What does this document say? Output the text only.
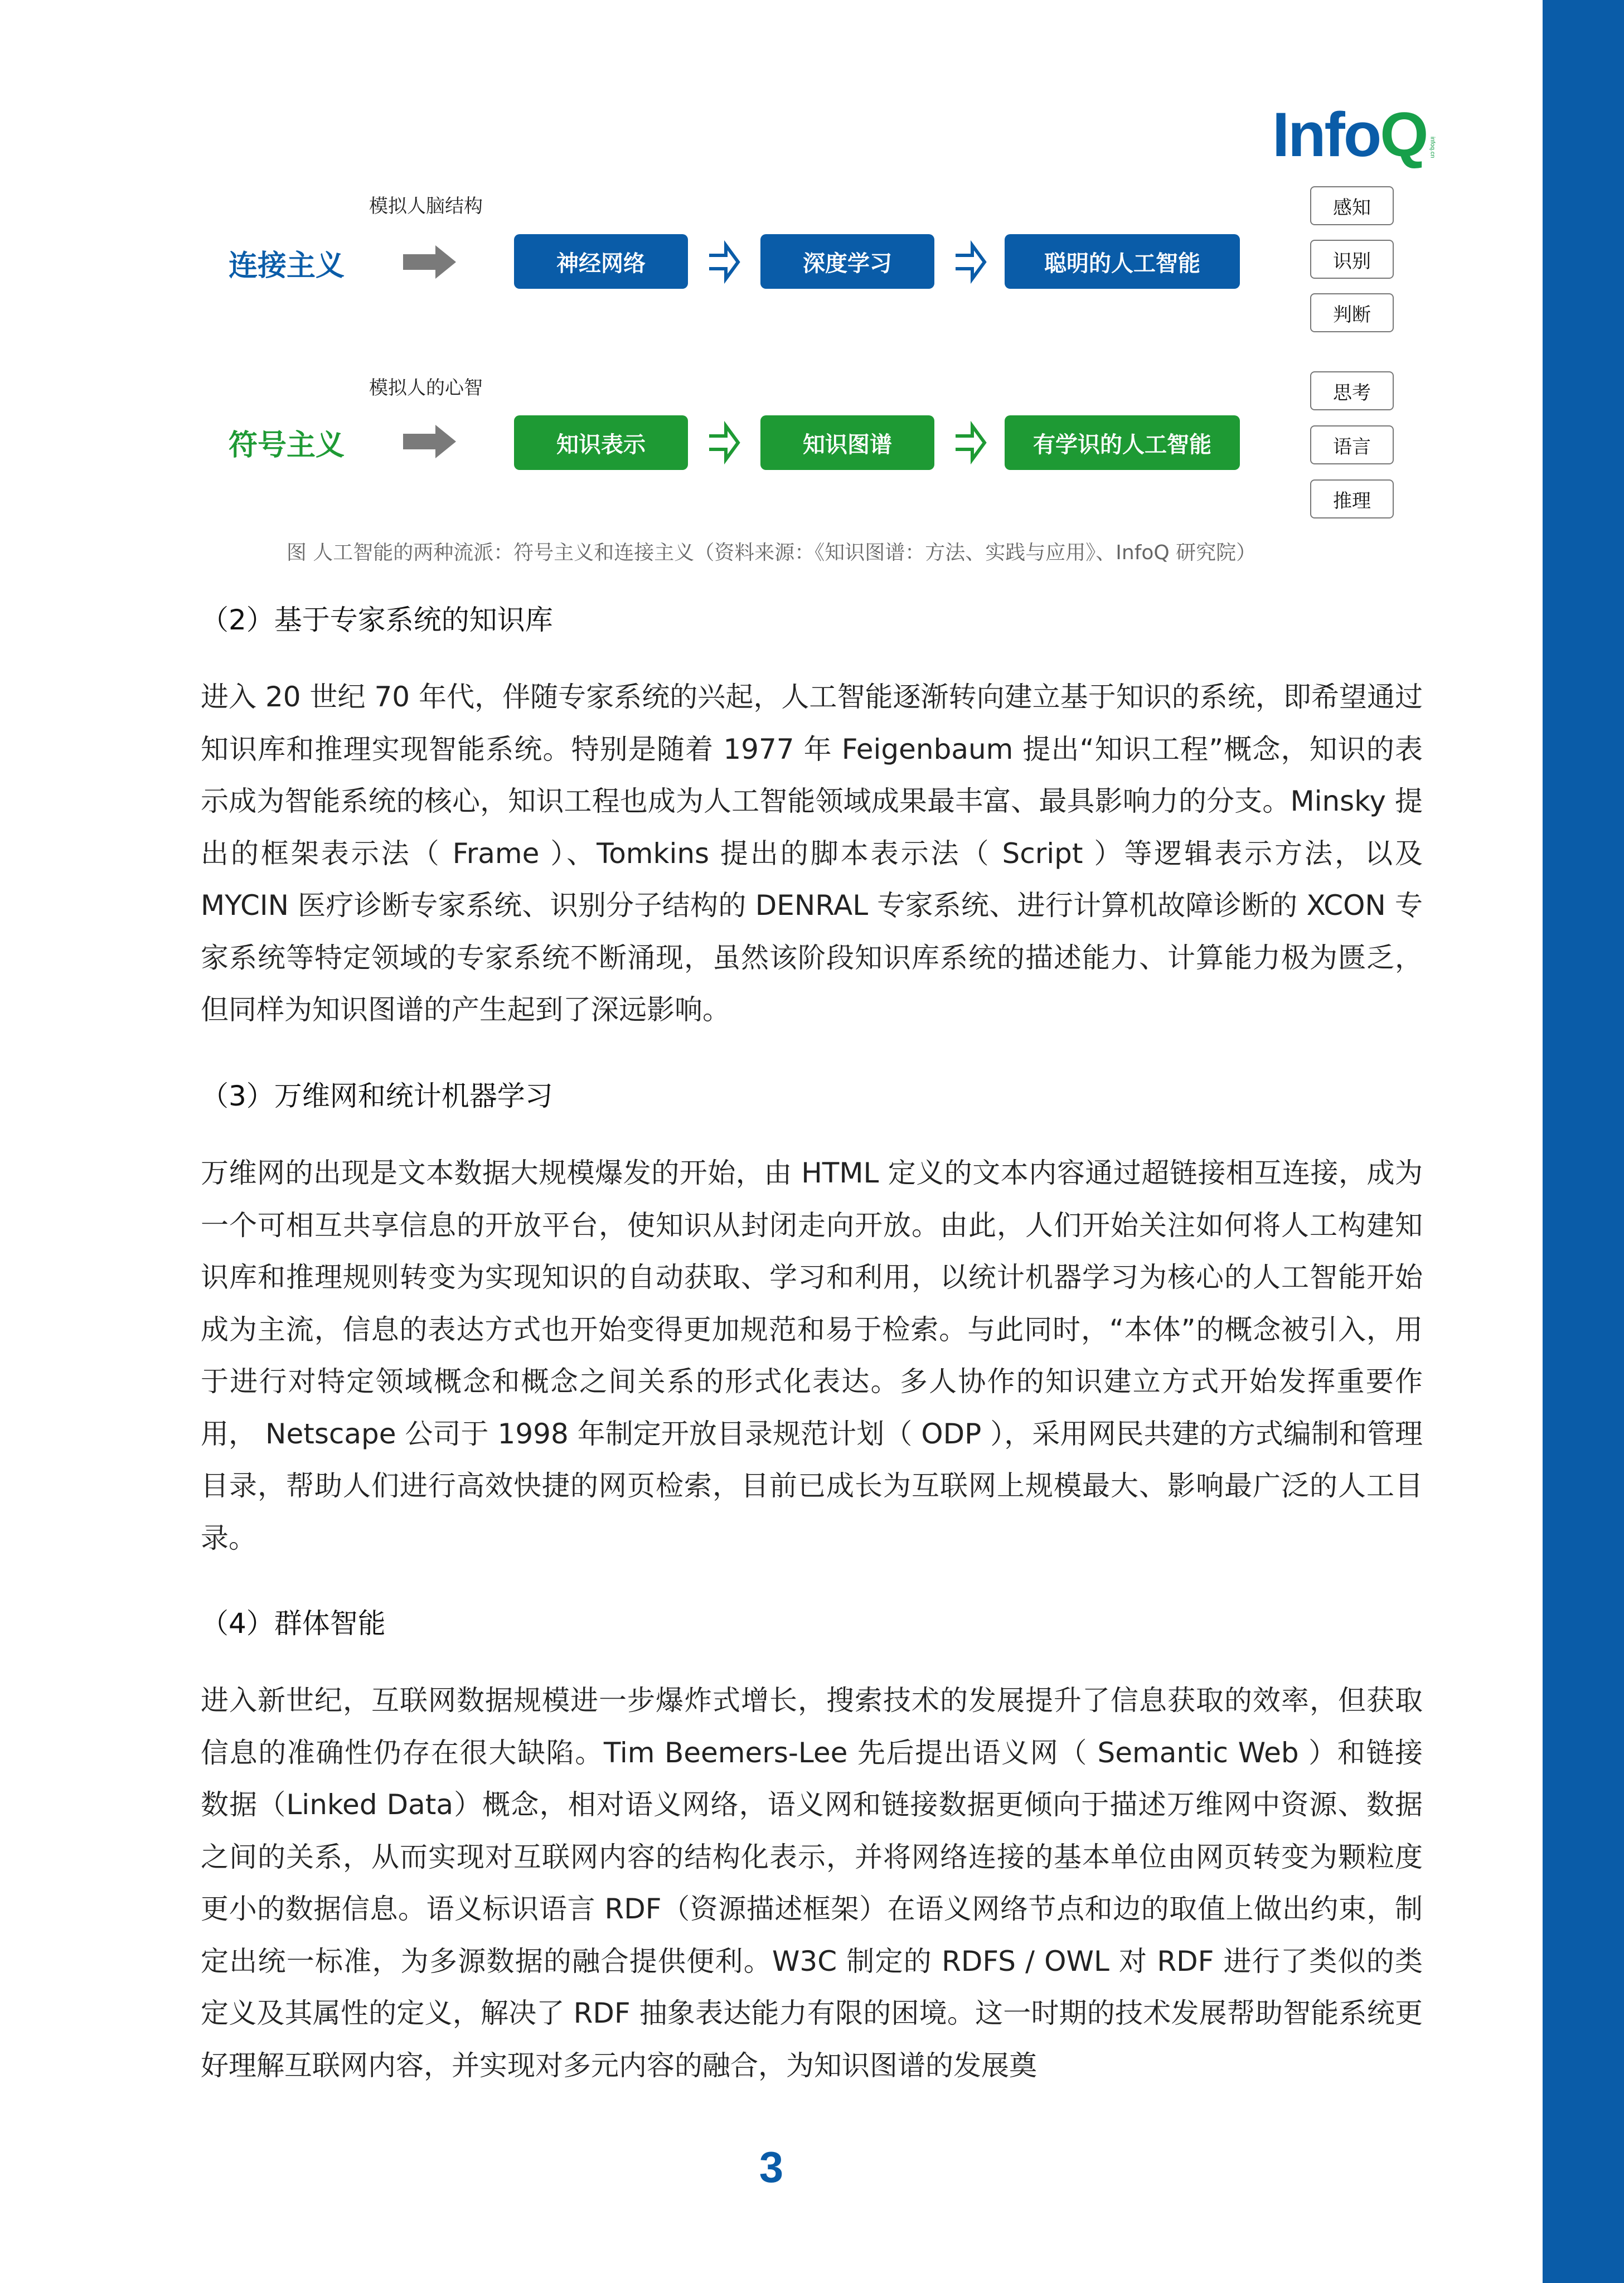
Info Q infoq.cn
模拟人脑结构
连接主义	神经网络	深度学习	聪明的人工智能
感知
识别
判断
模拟人的心智
符号主义	知识表示	知识图谱	有学识的人工智能
思考
语言
推理
图 人工智能的两种流派：符号主义和连接主义（资料来源：《知识图谱：方法、实践与应用》、InfoQ 研究院）
（2）基于专家系统的知识库
进入 20 世纪 70 年代，伴随专家系统的兴起，人工智能逐渐转向建立基于知识的系统，即希望通过知识库和推理实现智能系统。特别是随着 1977 年 Feigenbaum 提出“知识工程”概念，知识的表示成为智能系统的核心，知识工程也成为人工智能领域成果最丰富、最具影响力的分支。Minsky 提出的框架表示法（ Frame ）、Tomkins 提出的脚本表示法（ Script ）等逻辑表示方法，以及 MYCIN 医疗诊断专家系统、识别分子结构的 DENRAL 专家系统、进行计算机故障诊断的 XCON 专家系统等特定领域的专家系统不断涌现，虽然该阶段知识库系统的描述能力、计算能力极为匮乏，但同样为知识图谱的产生起到了深远影响。
（3）万维网和统计机器学习
万维网的出现是文本数据大规模爆发的开始，由 HTML 定义的文本内容通过超链接相互连接，成为一个可相互共享信息的开放平台，使知识从封闭走向开放。由此，人们开始关注如何将人工构建知识库和推理规则转变为实现知识的自动获取、学习和利用，以统计机器学习为核心的人工智能开始成为主流，信息的表达方式也开始变得更加规范和易于检索。与此同时，“本体”的概念被引入，用于进行对特定领域概念和概念之间关系的形式化表达。多人协作的知识建立方式开始发挥重要作用， Netscape 公司于 1998 年制定开放目录规范计划（ ODP ），采用网民共建的方式编制和管理目录，帮助人们进行高效快捷的网页检索，目前已成长为互联网上规模最大、影响最广泛的人工目录。
（4）群体智能
进入新世纪，互联网数据规模进一步爆炸式增长，搜索技术的发展提升了信息获取的效率，但获取信息的准确性仍存在很大缺陷。Tim Beemers-Lee 先后提出语义网（ Semantic Web ）和链接数据（Linked Data）概念，相对语义网络，语义网和链接数据更倾向于描述万维网中资源、数据之间的关系，从而实现对互联网内容的结构化表示，并将网络连接的基本单位由网页转变为颗粒度更小的数据信息。语义标识语言 RDF（资源描述框架）在语义网络节点和边的取值上做出约束，制定出统一标准，为多源数据的融合提供便利。W3C 制定的 RDFS / OWL 对 RDF 进行了类似的类定义及其属性的定义，解决了 RDF 抽象表达能力有限的困境。这一时期的技术发展帮助智能系统更好理解互联网内容，并实现对多元内容的融合，为知识图谱的发展奠
3
